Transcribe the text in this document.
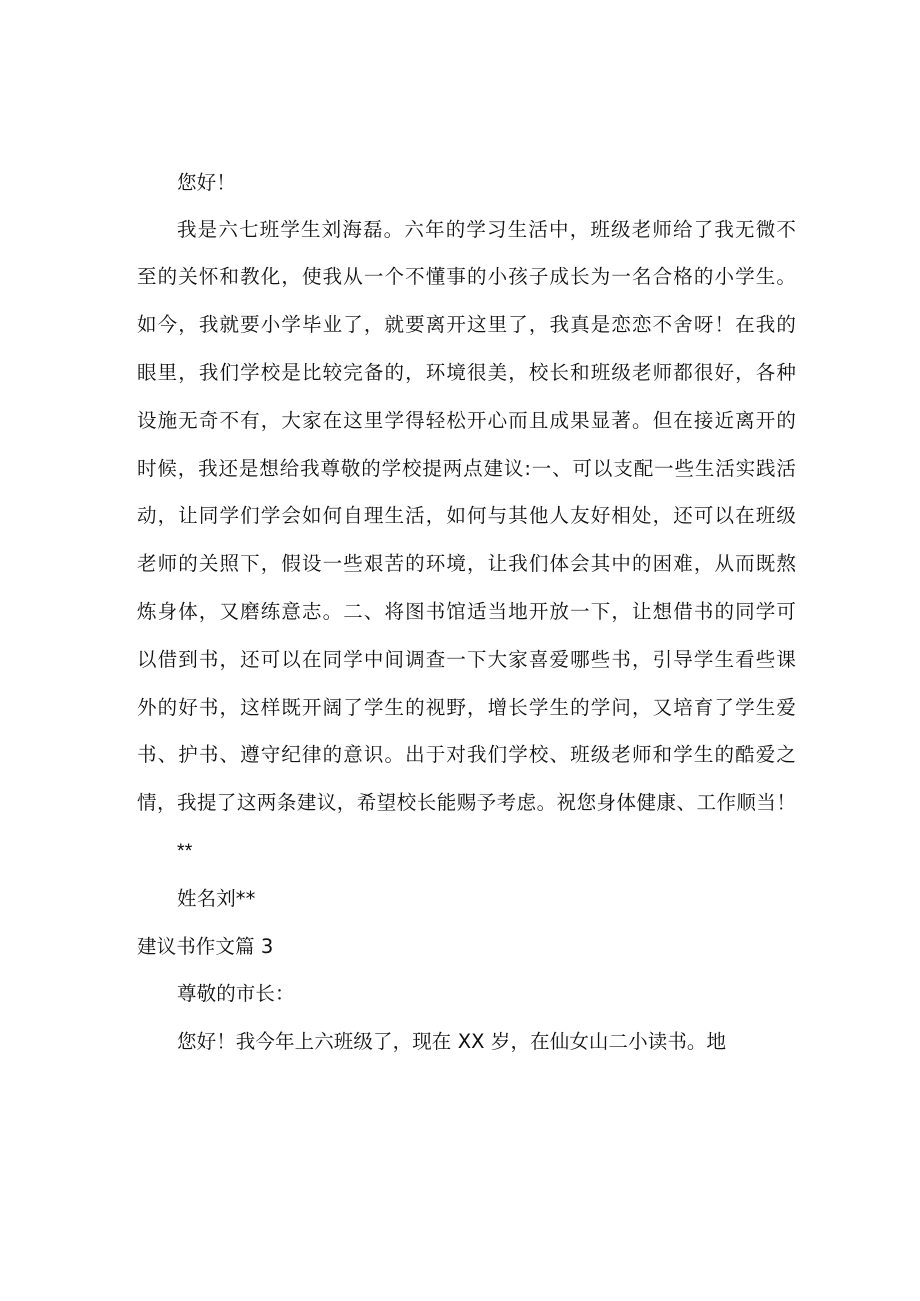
您好！
我是六七班学生刘海磊。六年的学习生活中，班级老师给了我无微不
至的关怀和教化，使我从一个不懂事的小孩子成长为一名合格的小学生。
如今，我就要小学毕业了，就要离开这里了，我真是恋恋不舍呀！在我的
眼里，我们学校是比较完备的，环境很美，校长和班级老师都很好，各种
设施无奇不有，大家在这里学得轻松开心而且成果显著。但在接近离开的
时候，我还是想给我尊敬的学校提两点建议:一、可以支配一些生活实践活
动，让同学们学会如何自理生活，如何与其他人友好相处，还可以在班级
老师的关照下，假设一些艰苦的环境，让我们体会其中的困难，从而既熬
炼身体，又磨练意志。二、将图书馆适当地开放一下，让想借书的同学可
以借到书，还可以在同学中间调查一下大家喜爱哪些书，引导学生看些课
外的好书，这样既开阔了学生的视野，增长学生的学问，又培育了学生爱
书、护书、遵守纪律的意识。出于对我们学校、班级老师和学生的酷爱之
情，我提了这两条建议，希望校长能赐予考虑。祝您身体健康、工作顺当！
**
姓名刘**
建议书作文篇 3
尊敬的市长：
您好！我今年上六班级了，现在 XX 岁，在仙女山二小读书。地
